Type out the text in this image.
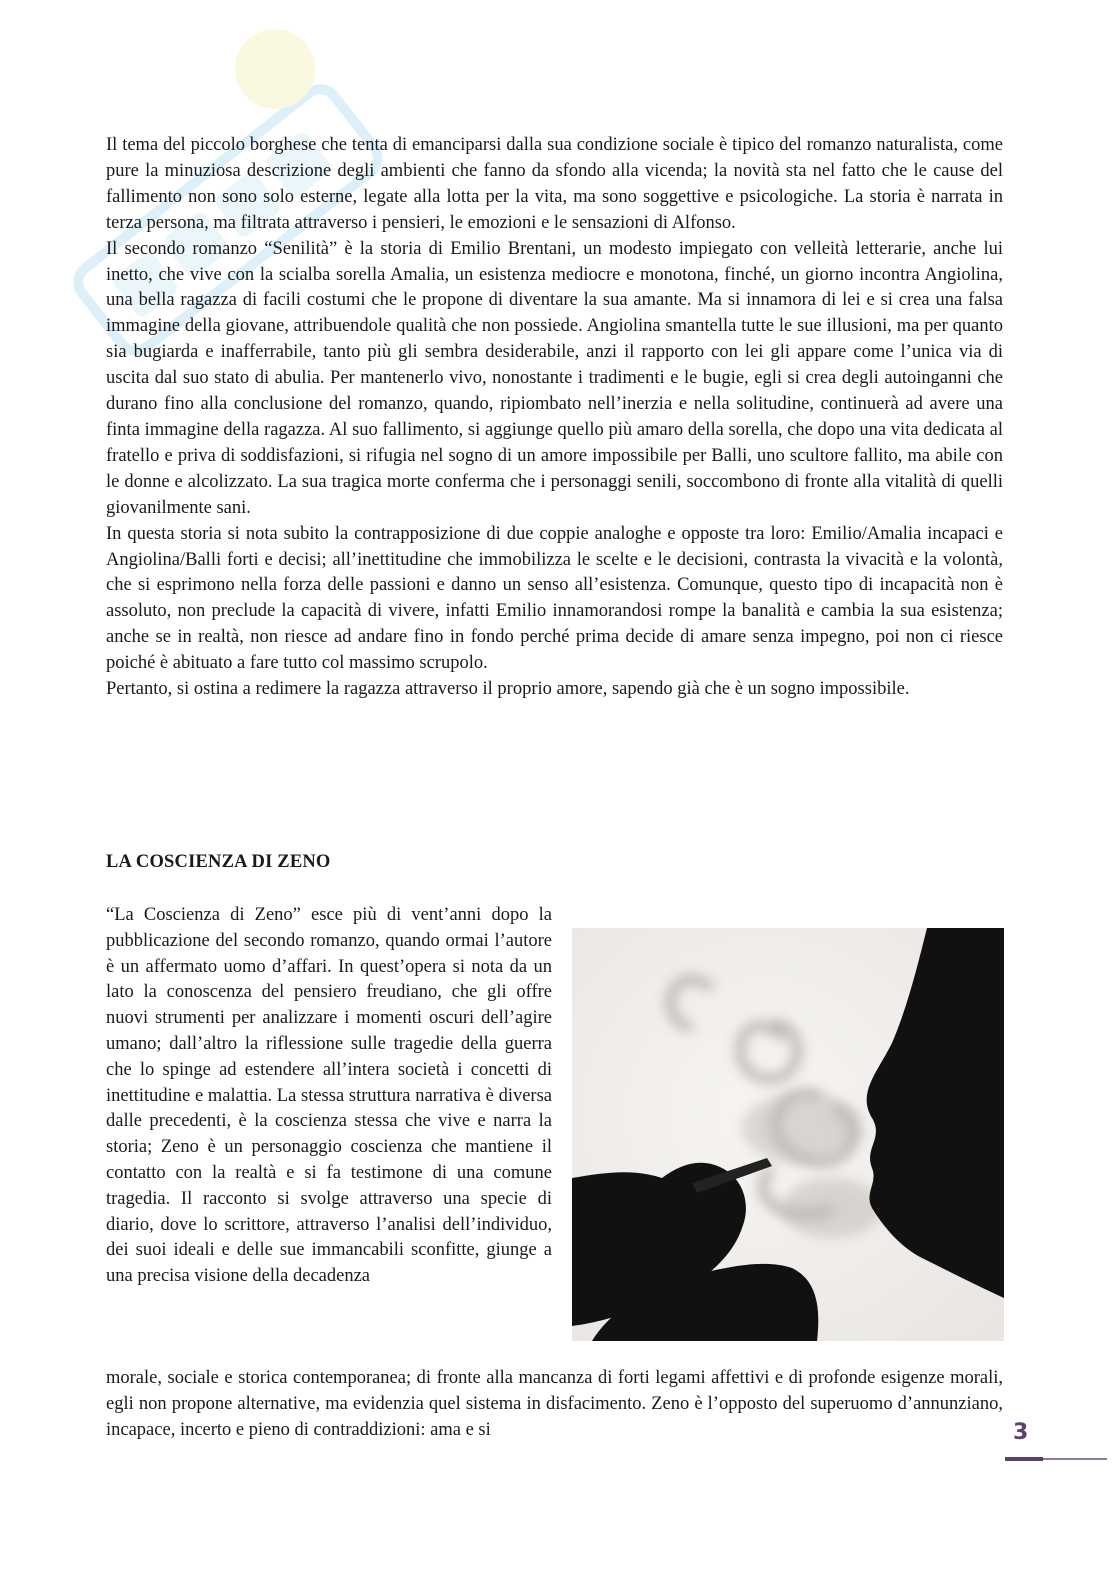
Il tema del piccolo borghese che tenta di emanciparsi dalla sua condizione sociale è tipico del romanzo naturalista, come pure la minuziosa descrizione degli ambienti che fanno da sfondo alla vicenda; la novità sta nel fatto che le cause del fallimento non sono solo esterne, legate alla lotta per la vita, ma sono soggettive e psicologiche. La storia è narrata in terza persona, ma filtrata attraverso i pensieri, le emozioni e le sensazioni di Alfonso.

Il secondo romanzo “Senilità” è la storia di Emilio Brentani, un modesto impiegato con velleità letterarie, anche lui inetto, che vive con la scialba sorella Amalia, un esistenza mediocre e monotona, finché, un giorno incontra Angiolina, una bella ragazza di facili costumi che le propone di diventare la sua amante. Ma si innamora di lei e si crea una falsa immagine della giovane, attribuendole qualità che non possiede. Angiolina smantella tutte le sue illusioni, ma per quanto sia bugiarda e inafferrabile, tanto più gli sembra desiderabile, anzi il rapporto con lei gli appare come l’unica via di uscita dal suo stato di abulia. Per mantenerlo vivo, nonostante i tradimenti e le bugie, egli si crea degli autoinganni che durano fino alla conclusione del romanzo, quando, ripiombato nell’inerzia e nella solitudine, continuerà ad avere una finta immagine della ragazza. Al suo fallimento, si aggiunge quello più amaro della sorella, che dopo una vita dedicata al fratello e priva di soddisfazioni, si rifugia nel sogno di un amore impossibile per Balli, uno scultore fallito, ma abile con le donne e alcolizzato. La sua tragica morte conferma che i personaggi senili, soccombono di fronte alla vitalità di quelli giovanilmente sani.

In questa storia si nota subito la contrapposizione di due coppie analoghe e opposte tra loro: Emilio/Amalia incapaci e Angiolina/Balli forti e decisi; all’inettitudine che immobilizza le scelte e le decisioni, contrasta la vivacità e la volontà, che si esprimono nella forza delle passioni e danno un senso all’esistenza. Comunque, questo tipo di incapacità non è assoluto, non preclude la capacità di vivere, infatti Emilio innamorandosi rompe la banalità e cambia la sua esistenza; anche se in realtà, non riesce ad andare fino in fondo perché prima decide di amare senza impegno, poi non ci riesce poiché è abituato a fare tutto col massimo scrupolo.

Pertanto, si ostina a redimere la ragazza attraverso il proprio amore, sapendo già che è un sogno impossibile.

LA COSCIENZA DI ZENO

“La Coscienza di Zeno” esce più di vent’anni dopo la pubblicazione del secondo romanzo, quando ormai l’autore è un affermato uomo d’affari. In quest’opera si nota da un lato la conoscenza del pensiero freudiano, che gli offre nuovi strumenti per analizzare i momenti oscuri dell’agire umano; dall’altro la riflessione sulle tragedie della guerra che lo spinge ad estendere all’intera società i concetti di inettitudine e malattia. La stessa struttura narrativa è diversa dalle precedenti, è la coscienza stessa che vive e narra la storia; Zeno è un personaggio coscienza che mantiene il contatto con la realtà e si fa testimone di una comune tragedia. Il racconto si svolge attraverso una specie di diario, dove lo scrittore, attraverso l’analisi dell’individuo, dei suoi ideali e delle sue immancabili sconfitte, giunge a una precisa visione della decadenza

morale, sociale e storica contemporanea; di fronte alla mancanza di forti legami affettivi e di profonde esigenze morali, egli non propone alternative, ma evidenzia quel sistema in disfacimento. Zeno è l’opposto del superuomo d’annunziano, incapace, incerto e pieno di contraddizioni: ama e si	3
